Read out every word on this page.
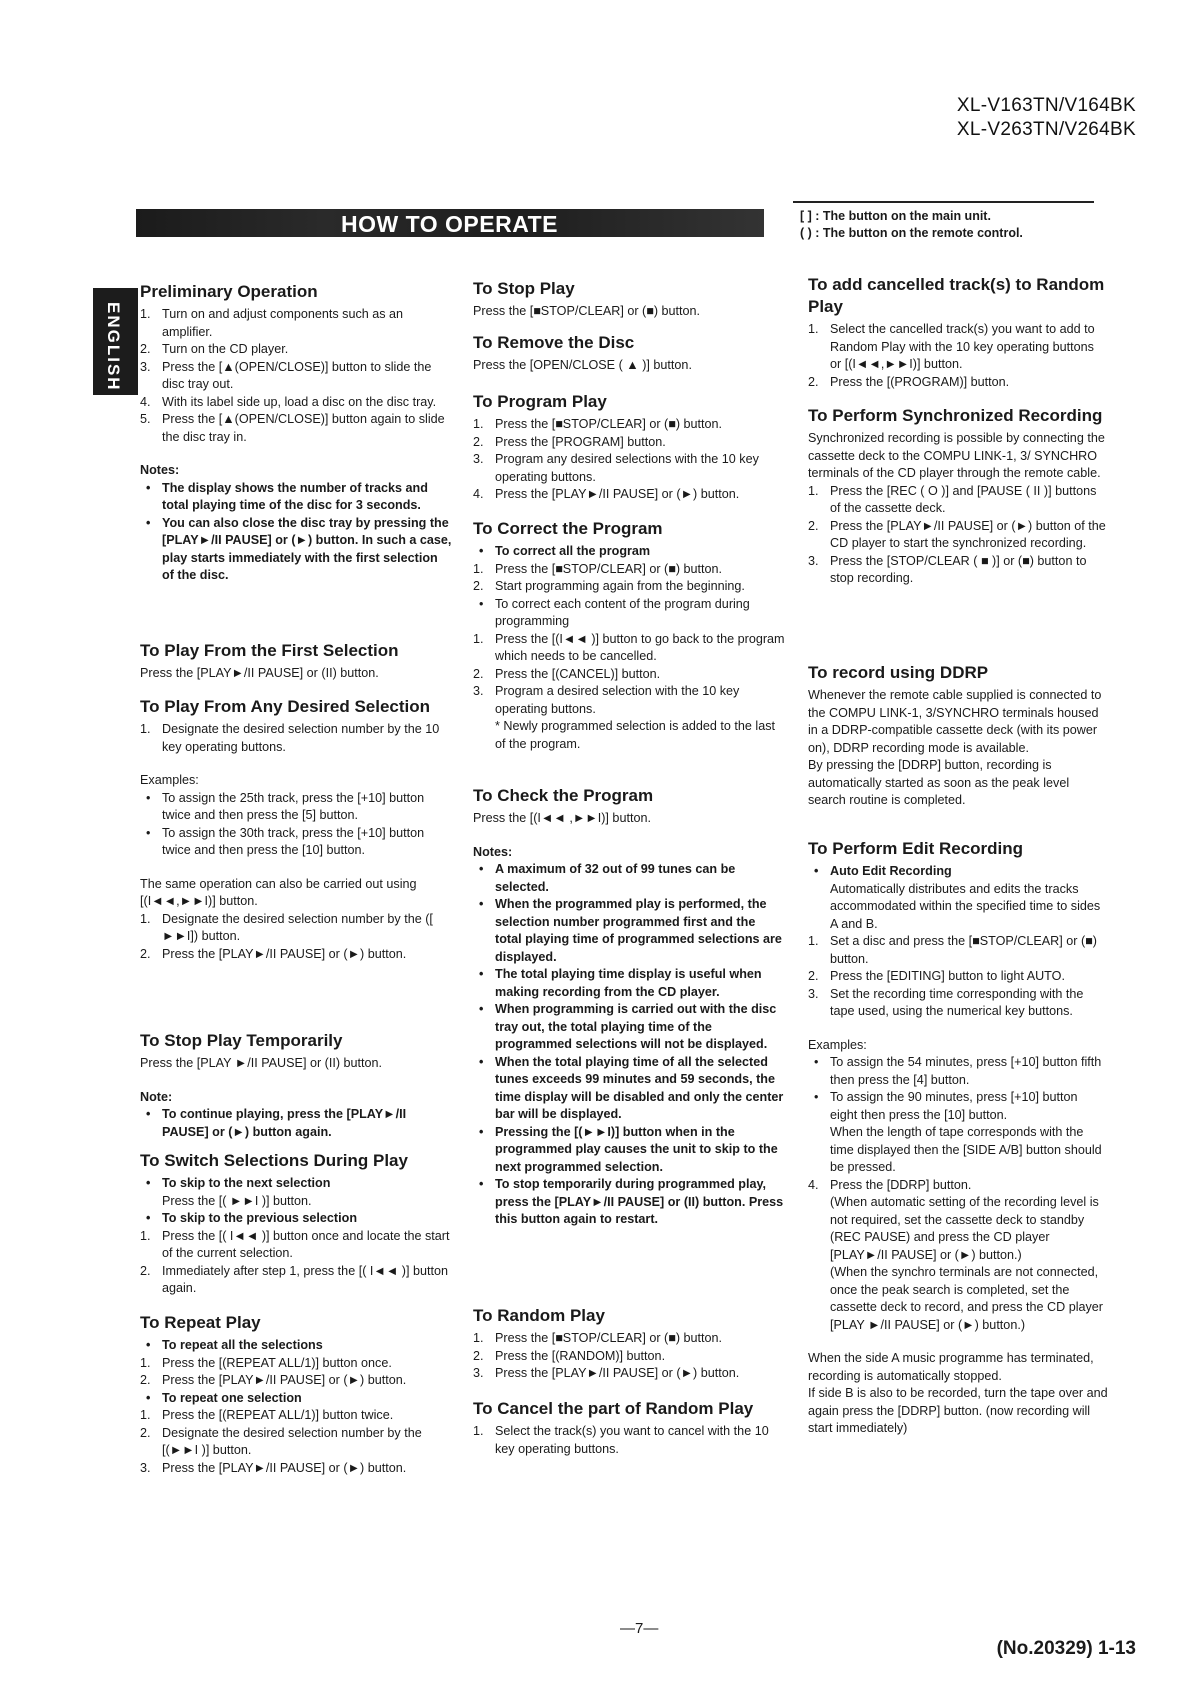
XL-V163TN/V164BK
XL-V263TN/V264BK
HOW TO OPERATE	[ ] : The button on the main unit.
( ) : The button on the remote control.
ENGLISH
Preliminary Operation
1. Turn on and adjust components such as an amplifier.
2. Turn on the CD player.
3. Press the [▲(OPEN/CLOSE)] button to slide the disc tray out.
4. With its label side up, load a disc on the disc tray.
5. Press the [▲(OPEN/CLOSE)] button again to slide the disc tray in.

Notes:

• The display shows the number of tracks and total playing time of the disc for 3 seconds.
• You can also close the disc tray by pressing the [PLAY►/II PAUSE] or (►) button. In such a case, play starts immediately with the first selection of the disc.
To Play From the First Selection

Press the [PLAY►/II PAUSE] or (II) button.

To Play From Any Desired Selection
1. Designate the desired selection number by the 10 key operating buttons.

Examples:

• To assign the 25th track, press the [+10] button twice and then press the [5] button.
• To assign the 30th track, press the [+10] button twice and then press the [10] button.

The same operation can also be carried out using [(I◄◄,►►I)] button.

1. Designate the desired selection number by the ([ ►►I]) button.
2. Press the [PLAY►/II PAUSE] or (►) button.
To Stop Play Temporarily

Press the [PLAY ►/II PAUSE] or (II) button.

Note:

• To continue playing, press the [PLAY►/II PAUSE] or (►) button again.
To Switch Selections During Play
• To skip to the next selection

Press the [( ►►I )] button.

• To skip to the previous selection
1. Press the [( I◄◄ )] button once and locate the start of the current selection.
2. Immediately after step 1, press the [( I◄◄ )] button again.
To Repeat Play
• To repeat all the selections
1. Press the [(REPEAT ALL/1)] button once.
2. Press the [PLAY►/II PAUSE] or (►) button.
• To repeat one selection
1. Press the [(REPEAT ALL/1)] button twice.
2. Designate the desired selection number by the [(►►I )] button.
3. Press the [PLAY►/II PAUSE] or (►) button.
To Stop Play

Press the [■STOP/CLEAR] or (■) button.

To Remove the Disc

Press the [OPEN/CLOSE ( ▲ )] button.

To Program Play
1. Press the [■STOP/CLEAR] or (■) button.
2. Press the [PROGRAM] button.
3. Program any desired selections with the 10 key operating buttons.
4. Press the [PLAY►/II PAUSE] or (►) button.
To Correct the Program
• To correct all the program
1. Press the [■STOP/CLEAR] or (■) button.
2. Start programming again from the beginning.
• To correct each content of the program during programming
1. Press the [(I◄◄ )] button to go back to the program which needs to be cancelled.
2. Press the [(CANCEL)] button.
3. Program a desired selection with the 10 key operating buttons.

* Newly programmed selection is added to the last of the program.

To Check the Program

Press the [(I◄◄ ,►►I)] button.

Notes:

• A maximum of 32 out of 99 tunes can be selected.
• When the programmed play is performed, the selection number programmed first and the total playing time of programmed selections are displayed.
• The total playing time display is useful when making recording from the CD player.
• When programming is carried out with the disc tray out, the total playing time of the programmed selections will not be displayed.
• When the total playing time of all the selected tunes exceeds 99 minutes and 59 seconds, the time display will be disabled and only the center bar will be displayed.
• Pressing the [(►►I)] button when in the programmed play causes the unit to skip to the next programmed selection.
• To stop temporarily during programmed play, press the [PLAY►/II PAUSE] or (II) button. Press this button again to restart.
To Random Play
1. Press the [■STOP/CLEAR] or (■) button.
2. Press the [(RANDOM)] button.
3. Press the [PLAY►/II PAUSE] or (►) button.
To Cancel the part of Random Play
1. Select the track(s) you want to cancel with the 10 key operating buttons.
To add cancelled track(s) to Random Play
1. Select the cancelled track(s) you want to add to Random Play with the 10 key operating buttons or [(I◄◄,►►I)] button.
2. Press the [(PROGRAM)] button.
To Perform Synchronized Recording

Synchronized recording is possible by connecting the cassette deck to the COMPU LINK-1, 3/ SYNCHRO terminals of the CD player through the remote cable.

1. Press the [REC ( O )] and [PAUSE ( II )] buttons of the cassette deck.
2. Press the [PLAY►/II PAUSE] or (►) button of the CD player to start the synchronized recording.
3. Press the [STOP/CLEAR ( ■ )] or (■) button to stop recording.
To record using DDRP

Whenever the remote cable supplied is connected to the COMPU LINK-1, 3/SYNCHRO terminals housed in a DDRP-compatible cassette deck (with its power on), DDRP recording mode is available.

By pressing the [DDRP] button, recording is automatically started as soon as the peak level search routine is completed.

To Perform Edit Recording
• Auto Edit Recording

Automatically distributes and edits the tracks accommodated within the specified time to sides A and B.

1. Set a disc and press the [■STOP/CLEAR] or (■) button.
2. Press the [EDITING] button to light AUTO.
3. Set the recording time corresponding with the tape used, using the numerical key buttons.

Examples:

• To assign the 54 minutes, press [+10] button fifth then press the [4] button.
• To assign the 90 minutes, press [+10] button eight then press the [10] button.

When the length of tape corresponds with the time displayed then the [SIDE A/B] button should be pressed.

4. Press the [DDRP] button.

(When automatic setting of the recording level is not required, set the cassette deck to standby (REC PAUSE) and press the CD player [PLAY►/II PAUSE] or (►) button.)

(When the synchro terminals are not connected, once the peak search is completed, set the cassette deck to record, and press the CD player [PLAY ►/II PAUSE] or (►) button.)

When the side A music programme has terminated, recording is automatically stopped.

If side B is also to be recorded, turn the tape over and again press the [DDRP] button. (now recording will start immediately)

—7—
(No.20329) 1-13
